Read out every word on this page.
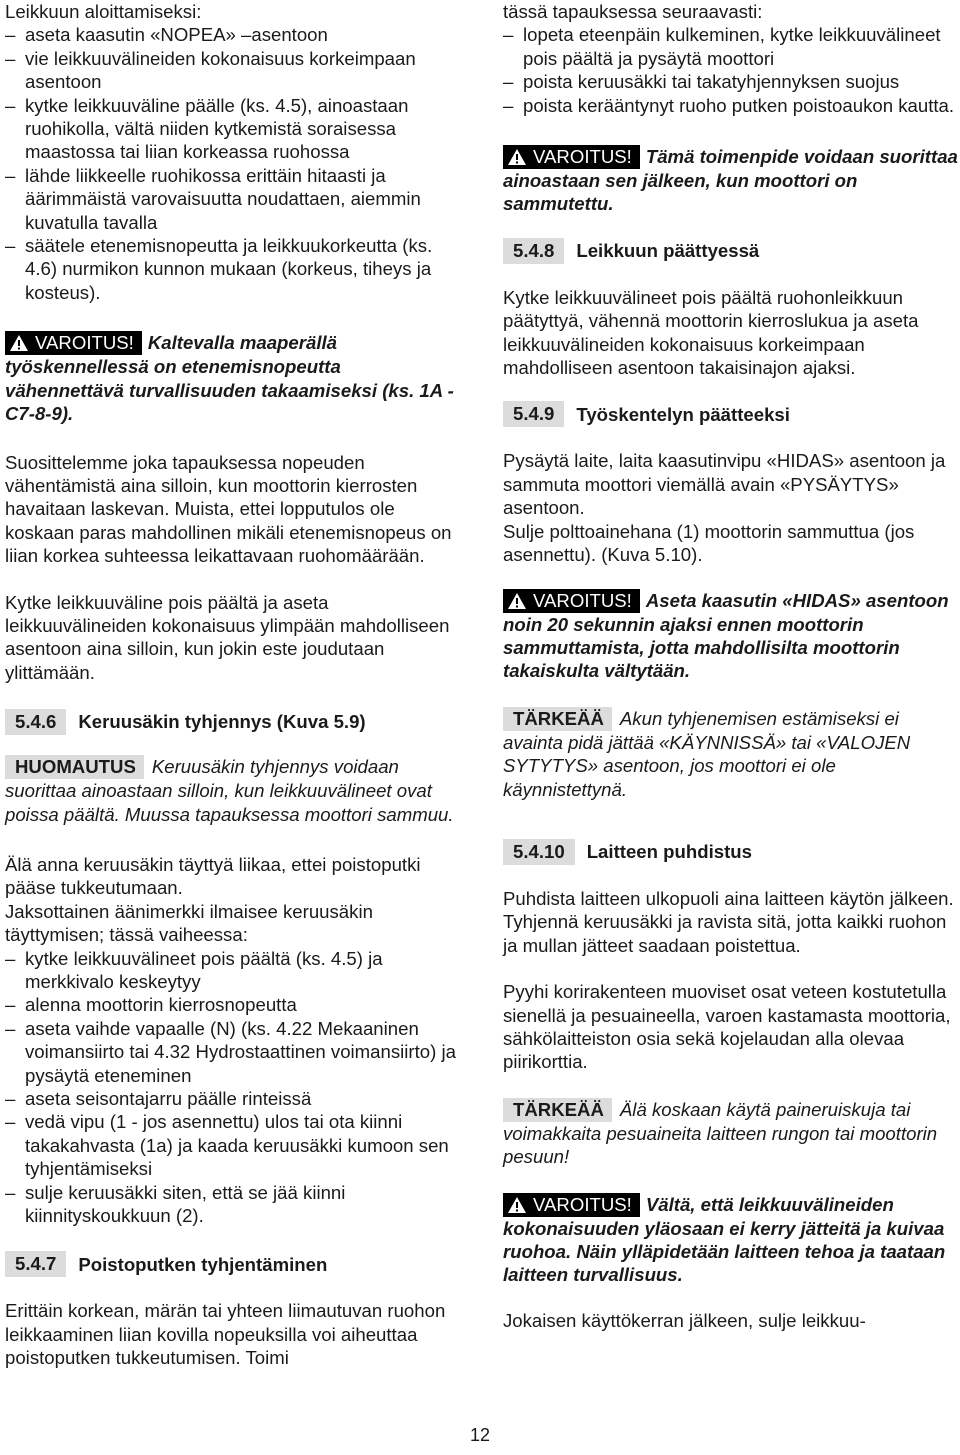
Leikkuun aloittamiseksi:

– aseta kaasutin «NOPEA» –asentoon
– vie leikkuuvälineiden kokonaisuus korkeimpaan asentoon
– kytke leikkuuväline päälle (ks. 4.5), ainoastaan ruohikolla, vältä niiden kytkemistä soraisessa maastossa tai liian korkeassa ruohossa
– lähde liikkeelle ruohikossa erittäin hitaasti ja äärimmäistä varovaisuutta noudattaen, aiemmin kuvatulla tavalla
– säätele etenemisnopeutta ja leikkuukorkeutta (ks. 4.6) nurmikon kunnon mukaan (korkeus, tiheys ja kosteus).

VAROITUS! Kaltevalla maaperällä työskennellessä on etenemisnopeutta vähennettävä turvallisuuden takaamiseksi (ks. 1A - C7-8-9).

Suosittelemme joka tapauksessa nopeuden vähentämistä aina silloin, kun moottorin kierrosten havaitaan laskevan. Muista, ettei lopputulos ole koskaan paras mahdollinen mikäli etenemisnopeus on liian korkea suhteessa leikattavaan ruohomäärään.

Kytke leikkuuväline pois päältä ja aseta leikkuuvälineiden kokonaisuus ylimpään mahdolliseen asentoon aina silloin, kun jokin este joudutaan ylittämään.

5.4.6	Keruusäkin tyhjennys (Kuva 5.9)

HUOMAUTUS Keruusäkin tyhjennys voidaan suorittaa ainoastaan silloin, kun leikkuuvälineet ovat poissa päältä. Muussa tapauksessa moottori sammuu.

Älä anna keruusäkin täyttyä liikaa, ettei poistoputki pääse tukkeutumaan.

Jaksottainen äänimerkki ilmaisee keruusäkin täyttymisen; tässä vaiheessa:

– kytke leikkuuvälineet pois päältä (ks. 4.5) ja merkkivalo keskeytyy
– alenna moottorin kierrosnopeutta
– aseta vaihde vapaalle (N) (ks. 4.22 Mekaaninen voimansiirto tai 4.32 Hydrostaattinen voimansiirto) ja pysäytä eteneminen
– aseta seisontajarru päälle rinteissä
– vedä vipu (1 - jos asennettu) ulos tai ota kiinni takakahvasta (1a) ja kaada keruusäkki kumoon sen tyhjentämiseksi
– sulje keruusäkki siten, että se jää kiinni kiinnityskoukkuun (2).

5.4.7	Poistoputken tyhjentäminen

Erittäin korkean, märän tai yhteen liimautuvan ruohon leikkaaminen liian kovilla nopeuksilla voi aiheuttaa poistoputken tukkeutumisen. Toimi

tässä tapauksessa seuraavasti:

– lopeta eteenpäin kulkeminen, kytke leikkuuvälineet pois päältä ja pysäytä moottori
– poista keruusäkki tai takatyhjennyksen suojus
– poista kerääntynyt ruoho putken poistoaukon kautta.

VAROITUS! Tämä toimenpide voidaan suorittaa ainoastaan sen jälkeen, kun moottori on sammutettu.

5.4.8	Leikkuun päättyessä

Kytke leikkuuvälineet pois päältä ruohonleikkuun päätyttyä, vähennä moottorin kierroslukua ja aseta leikkuuvälineiden kokonaisuus korkeimpaan mahdolliseen asentoon takaisinajon ajaksi.

5.4.9	Työskentelyn päätteeksi

Pysäytä laite, laita kaasutinvipu «HIDAS» asentoon ja sammuta moottori viemällä avain «PYSÄYTYS» asentoon.

Sulje polttoainehana (1) moottorin sammuttua (jos asennettu). (Kuva 5.10).

VAROITUS! Aseta kaasutin «HIDAS» asentoon noin 20 sekunnin ajaksi ennen moottorin sammuttamista, jotta mahdollisilta moottorin takaiskulta vältytään.

TÄRKEÄÄ Akun tyhjenemisen estämiseksi ei avainta pidä jättää «KÄYNNISSÄ» tai «VALOJEN SYTYTYS» asentoon, jos moottori ei ole käynnistettynä.

5.4.10	Laitteen puhdistus

Puhdista laitteen ulkopuoli aina laitteen käytön jälkeen. Tyhjennä keruusäkki ja ravista sitä, jotta kaikki ruohon ja mullan jätteet saadaan poistettua.

Pyyhi korirakenteen muoviset osat veteen kostutetulla sienellä ja pesuaineella, varoen kastamasta moottoria, sähkölaitteiston osia sekä kojelaudan alla olevaa piirikorttia.

TÄRKEÄÄ Älä koskaan käytä paineruiskuja tai voimakkaita pesuaineita laitteen rungon tai moottorin pesuun!

VAROITUS! Vältä, että leikkuuvälineiden kokonaisuuden yläosaan ei kerry jätteitä ja kuivaa ruohoa. Näin ylläpidetään laitteen tehoa ja taataan laitteen turvallisuus.

Jokaisen käyttökerran jälkeen, sulje leikkuu-

12
